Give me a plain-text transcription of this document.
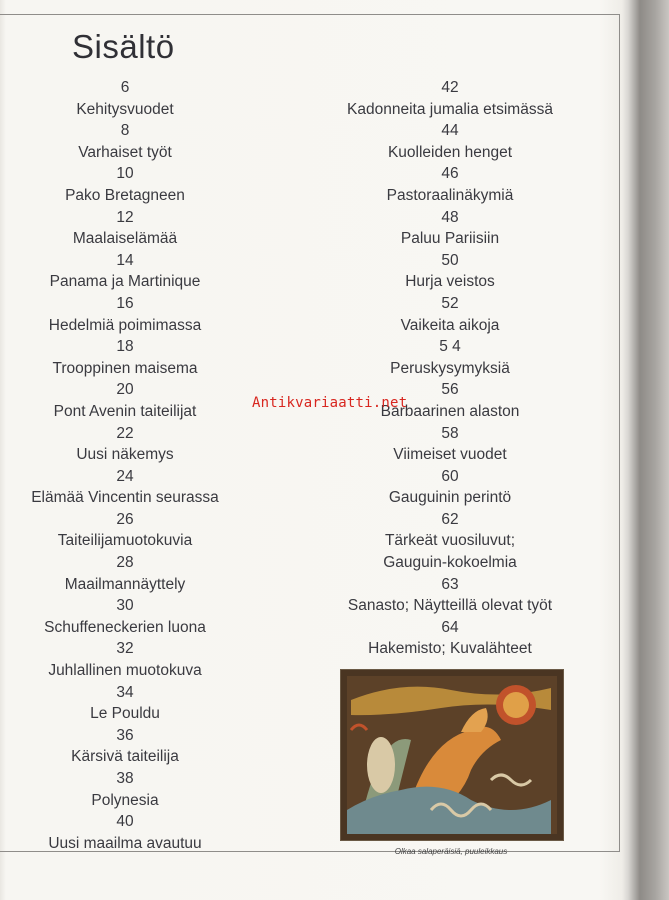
Sisältö
6
Kehitysvuodet
8
Varhaiset työt
10
Pako Bretagneen
12
Maalaiselämää
14
Panama ja Martinique
16
Hedelmiä poimimassa
18
Trooppinen maisema
20
Pont Avenin taiteilijat
22
Uusi näkemys
24
Elämää Vincentin seurassa
26
Taiteilijamuotokuvia
28
Maailmannäyttely
30
Schuffeneckerien luona
32
Juhlallinen muotokuva
34
Le Pouldu
36
Kärsivä taiteilija
38
Polynesia
40
Uusi maailma avautuu
42
Kadonneita jumalia etsimässä
44
Kuolleiden henget
46
Pastoraalinäkymiä
48
Paluu Pariisiin
50
Hurja veistos
52
Vaikeita aikoja
5 4
Peruskysymyksiä
56
Barbaarinen alaston
58
Viimeiset vuodet
60
Gauguinin perintö
62
Tärkeät vuosiluvut;
Gauguin-kokoelmia
63
Sanasto; Näytteillä olevat työt
64
Hakemisto; Kuvalähteet
Antikvariaatti.net
Olkaa salaperäisiä, puuleikkaus
